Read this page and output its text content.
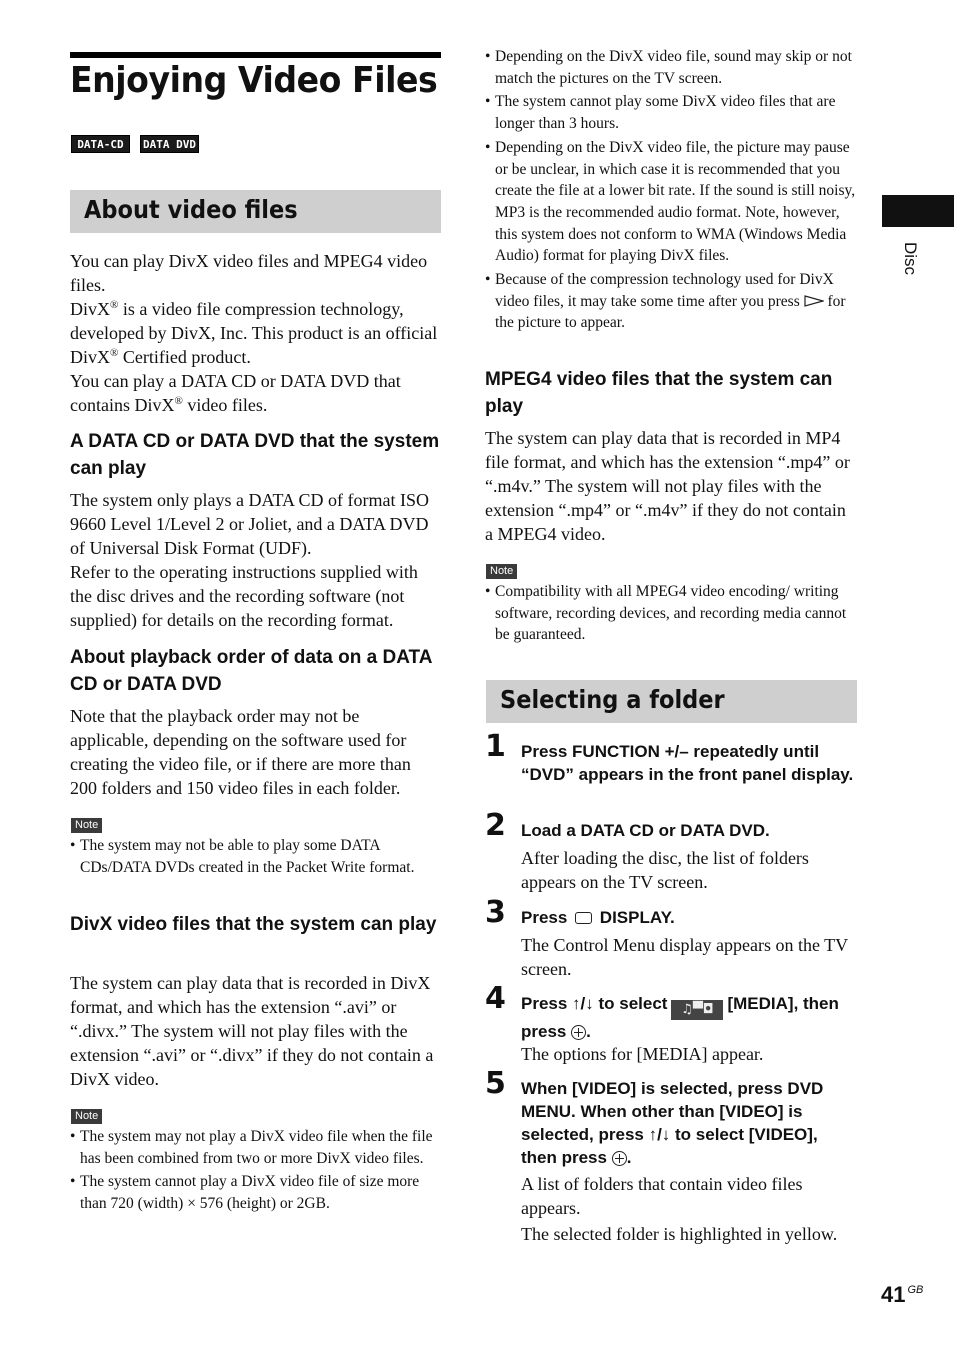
Enjoying Video Files
DATA-CD	DATA DVD
About video files

You can play DivX video files and MPEG4 video files.

DivX® is a video file compression technology, developed by DivX, Inc. This product is an official DivX® Certified product.

You can play a DATA CD or DATA DVD that contains DivX® video files.

A DATA CD or DATA DVD that the system can play

The system only plays a DATA CD of format ISO 9660 Level 1/Level 2 or Joliet, and a DATA DVD of Universal Disk Format (UDF).

Refer to the operating instructions supplied with the disc drives and the recording software (not supplied) for details on the recording format.

About playback order of data on a DATA CD or DATA DVD

Note that the playback order may not be applicable, depending on the software used for creating the video file, or if there are more than 200 folders and 150 video files in each folder.

Note
• The system may not be able to play some DATA CDs/DATA DVDs created in the Packet Write format.
DivX video files that the system can play

The system can play data that is recorded in DivX format, and which has the extension “.avi” or “.divx.” The system will not play files with the extension “.avi” or “.divx” if they do not contain a DivX video.

Note
• The system may not play a DivX video file when the file has been combined from two or more DivX video files.
• The system cannot play a DivX video file of size more than 720 (width) × 576 (height) or 2GB.
• Depending on the DivX video file, sound may skip or not match the pictures on the TV screen.
• The system cannot play some DivX video files that are longer than 3 hours.
• Depending on the DivX video file, the picture may pause or be unclear, in which case it is recommended that you create the file at a lower bit rate. If the sound is still noisy, MP3 is the recommended audio format. Note, however, this system does not conform to WMA (Windows Media Audio) format for playing DivX files.
• Because of the compression technology used for DivX video files, it may take some time after you press  for the picture to appear.
MPEG4 video files that the system can play

The system can play data that is recorded in MP4 file format, and which has the extension “.mp4” or “.m4v.” The system will not play files with the extension “.mp4” or “.m4v” if they do not contain a MPEG4 video.

Note
• Compatibility with all MPEG4 video encoding/ writing software, recording devices, and recording media cannot be guaranteed.
Selecting a folder
1 Press FUNCTION +/– repeatedly until “DVD” appears in the front panel display.

2 Load a DATA CD or DATA DVD.

After loading the disc, the list of folders appears on the TV screen.

3 Press DISPLAY.

The Control Menu display appears on the TV screen.

4 Press ↑/↓ to select ♫▀◘ [MEDIA], then press .

The options for [MEDIA] appear.

5 When [VIDEO] is selected, press DVD MENU. When other than [VIDEO] is selected, press ↑/↓ to select [VIDEO], then press .

A list of folders that contain video files appears.

The selected folder is highlighted in yellow.

Disc
41 $^{GB}$
